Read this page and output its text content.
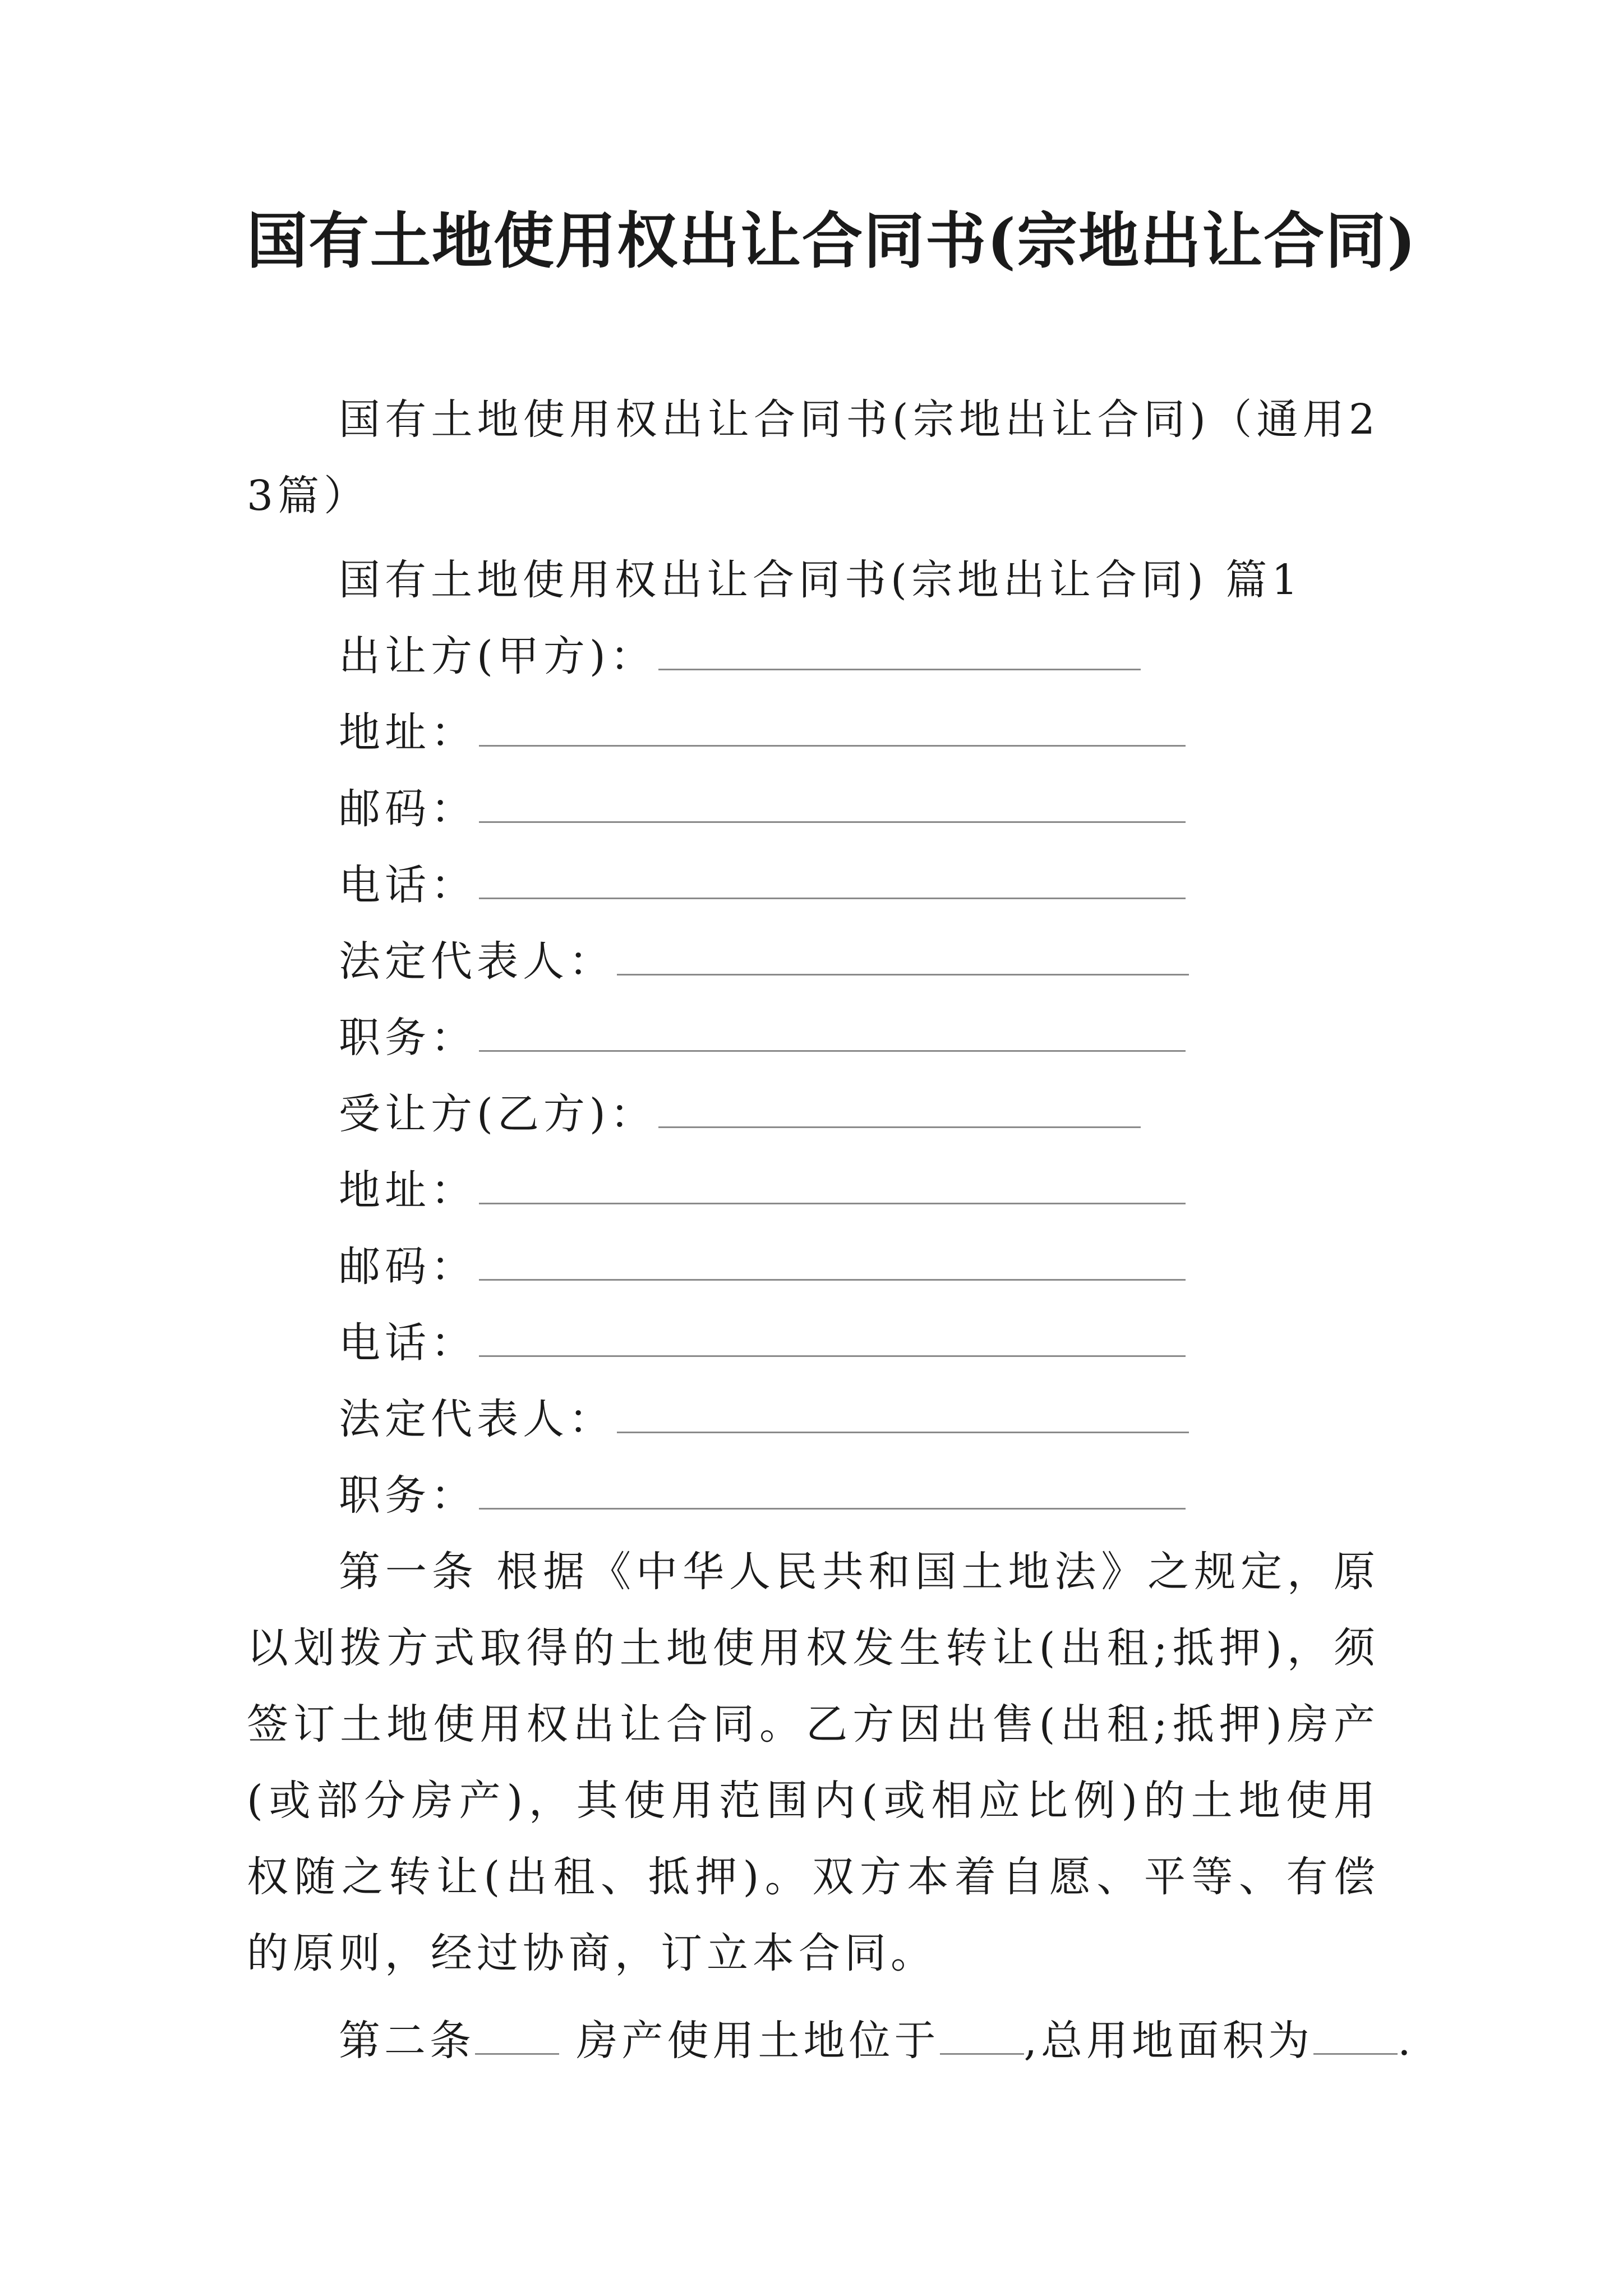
国有土地使用权出让合同书(宗地出让合同)

国有土地使用权出让合同书(宗地出让合同)（通用23篇）

国有土地使用权出让合同书(宗地出让合同) 篇1

出让方(甲方)：

地址：

邮码：

电话：

法定代表人：

职务：

受让方(乙方)：

地址：

邮码：

电话：

法定代表人：

职务：

第一条 根据《中华人民共和国土地法》之规定，原以划拨方式取得的土地使用权发生转让(出租;抵押)，须签订土地使用权出让合同。乙方因出售(出租;抵押)房产(或部分房产)，其使用范围内(或相应比例)的土地使用权随之转让(出租、抵押)。双方本着自愿、平等、有偿的原则，经过协商，订立本合同。

第二条 房产使用土地位于 ,总用地面积为 .
